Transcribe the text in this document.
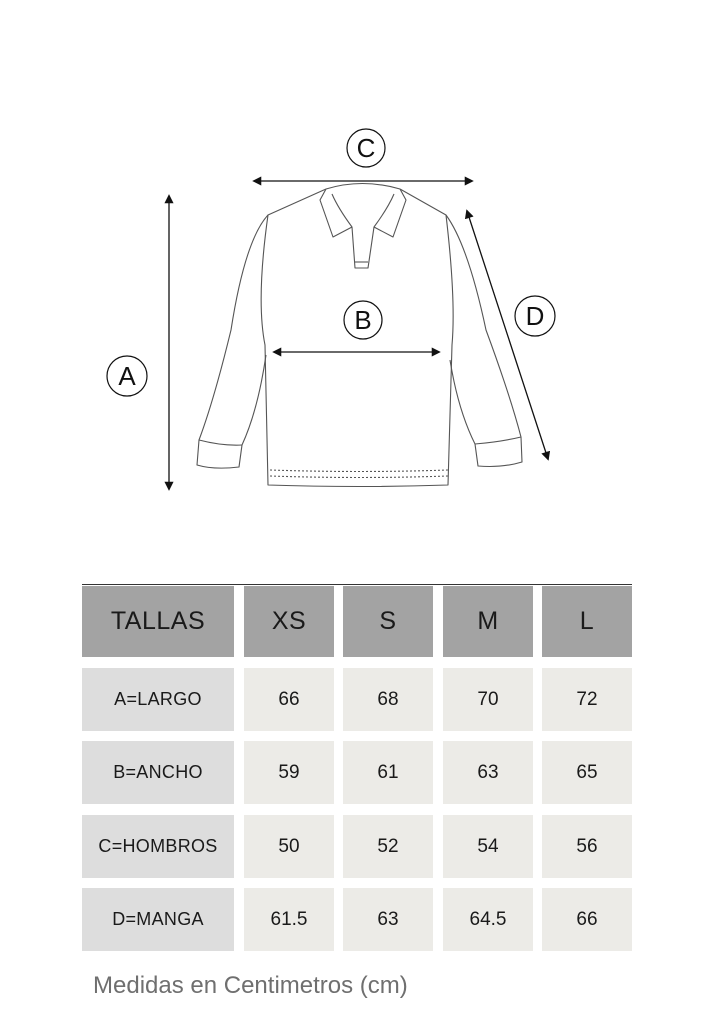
C
B	D
A
TALLAS	XS	S	M	L
A=LARGO	66	68	70	72
B=ANCHO	59	61	63	65
C=HOMBROS	50	52	54	56
D=MANGA	61.5	63	64.5	66
Medidas en Centimetros (cm)
